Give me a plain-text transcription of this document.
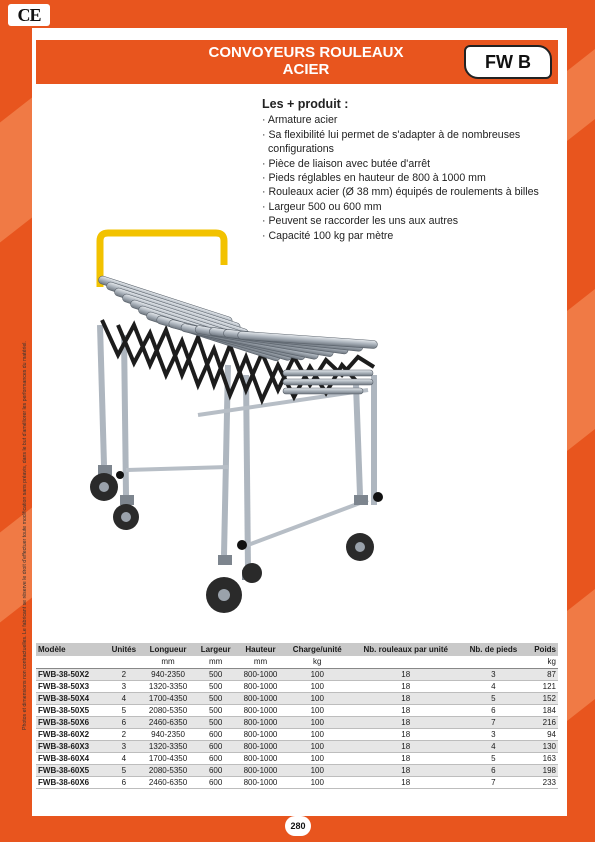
CE
Photos et dimensions non contractuelles. Le fabricant se réserve le droit d'effectuer toute modification sans préavis, dans le but d'améliorer les performances du matériel.
CONVOYEURS ROULEAUX
ACIER	FW B
Les + produit :
· Armature acier
· Sa flexibilité lui permet de s'adapter à de nombreuses configurations
· Pièce de liaison avec butée d'arrêt
· Pieds réglables en hauteur de 800 à 1000 mm
· Rouleaux acier (Ø 38 mm) équipés de roulements à billes
· Largeur 500 ou 600 mm
· Peuvent se raccorder les uns aux autres
· Capacité 100 kg par mètre
Modèle	Unités	Longueur	Largeur	Hauteur	Charge/unité	Nb. rouleaux par unité	Nb. de pieds	Poids
		mm	mm	mm	kg			kg
FWB-38-50X2	2	940-2350	500	800-1000	100	18	3	87
FWB-38-50X3	3	1320-3350	500	800-1000	100	18	4	121
FWB-38-50X4	4	1700-4350	500	800-1000	100	18	5	152
FWB-38-50X5	5	2080-5350	500	800-1000	100	18	6	184
FWB-38-50X6	6	2460-6350	500	800-1000	100	18	7	216
FWB-38-60X2	2	940-2350	600	800-1000	100	18	3	94
FWB-38-60X3	3	1320-3350	600	800-1000	100	18	4	130
FWB-38-60X4	4	1700-4350	600	800-1000	100	18	5	163
FWB-38-60X5	5	2080-5350	600	800-1000	100	18	6	198
FWB-38-60X6	6	2460-6350	600	800-1000	100	18	7	233
280
